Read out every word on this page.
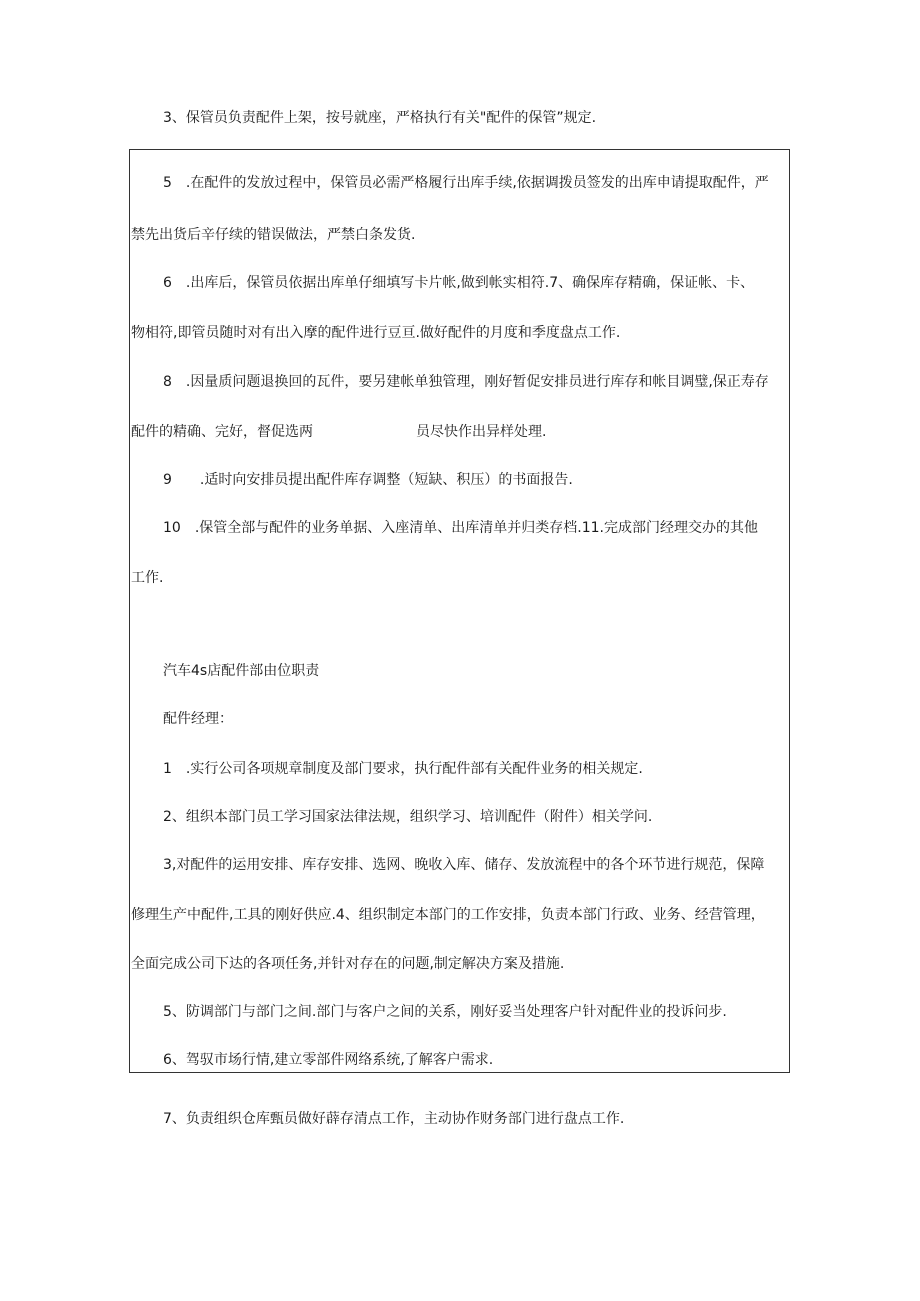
3、保管员负责配件上架，按号就座，严格执行有关"配件的保管”规定.
5　.在配件的发放过程中，保管员必需严格履行出库手续,依据调拨员签发的出库申请提取配件，严
禁先出货后辛仔续的错误做法，严禁白条发货.
6　.出库后，保管员依据出库单仔细填写卡片帐,做到帐实相符.7、确保库存精确，保证帐、卡、
物相符,即管员随时对有出入摩的配件进行豆亘.做好配件的月度和季度盘点工作.
8　.因量质问题退换回的瓦件，要另建帐单独管理，刚好暂促安排员进行库存和帐目调璧,保正寿存
配件的精确、完好，督促选两	员尽快作出异样处理.
9　　.适时向安排员提出配件库存调整（短缺、积压）的书面报告.
10　.保管全部与配件的业务单据、入座清单、出库清单并归类存档.11.完成部门经理交办的其他
工作.
汽车4s店配件部由位职责
配件经理：
1　.实行公司各项规章制度及部门要求，执行配件部有关配件业务的相关规定.
2、组织本部门员工学习国家法律法规，组织学习、培训配件（附件）相关学问.
3,对配件的运用安排、库存安排、选网、晚收入库、储存、发放流程中的各个环节进行规范，保障
修理生产中配件,工具的刚好供应.4、组织制定本部门的工作安排，负责本部门行政、业务、经营管理，
全面完成公司下达的各项任务,并针对存在的问题,制定解决方案及措施.
5、防调部门与部门之间.部门与客户之间的关系，刚好妥当处理客户针对配件业的投诉问步.
6、驾驭市场行情,建立零部件网络系统,了解客户需求.
7、负责组织仓库甄员做好薜存清点工作，主动协作财务部门进行盘点工作.
